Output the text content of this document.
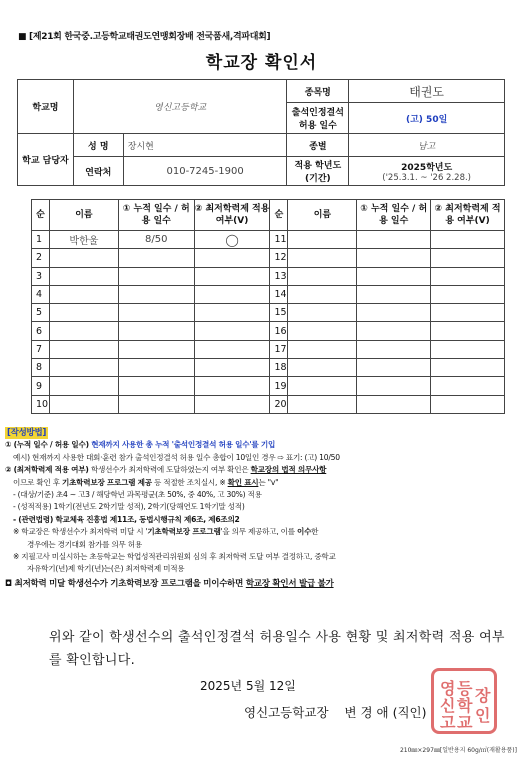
■ [제21회 한국중.고등학교태권도연맹회장배 전국품새,격파대회]
학교장 확인서
학교명	영신고등학교		종목명	태권도
			출석인정결석 허용 일수	(고) 50일
학교 담당자	성 명	장시현	종별	남고
	연락처	010-7245-1900	적용 학년도 (기간)	2025학년도
('25.3.1. ~ '26 2.28.)
순	이름	① 누적 일수 / 허용 일수	② 최저학력제 적용 여부(V)	순	이름	① 누적 일수 / 허용 일수	② 최저학력제 적용 여부(V)
1	박한울	8/50	◯	11			
2				12			
3				13			
4				14			
5				15			
6				16			
7				17			
8				18			
9				19			
10				20			
[작성방법]
① (누적 일수 / 허용 일수) 현재까지 사용한 총 누적 '출석인정결석 허용 일수'를 기입
예시) 현재까지 사용한 대회·훈련 참가 출석인정결석 허용 일수 총합이 10일인 경우 ⇨ 표기: (고) 10/50
② (최저학력제 적용 여부) 학생선수가 최저학력에 도달하였는지 여부 확인은 학교장의 법적 의무사항
이므로 확인 후 기초학력보장 프로그램 제공 등 적절한 조치실시, ※ 확인 표시는 "ⅴ"
- (대상/기준) 초4 ~ 고3 / 해당학년 과목평균(초 50%, 중 40%, 고 30%) 적용
- (성적적용) 1학기(전년도 2학기말 성적), 2학기(당해연도 1학기말 성적)
- (관련법령) 학교체육 진흥법 제11조, 동법시행규칙 제6조, 제6조의2
※ 학교장은 학생선수가 최저학력 미달 시 '기초학력보장 프로그램'을 의무 제공하고, 이를 이수한
경우에는 경기대회 참가를 의무 허용
※ 지필고사 미실시하는 초등학교는 학업성적관리위원회 심의 후 최저학력 도달 여부 결정하고, 중학교
자유학기(년)제 학기(년)는(은) 최저학력제 미적용
◘ 최저학력 미달 학생선수가 기초학력보장 프로그램을 미이수하면 학교장 확인서 발급 불가
위와 같이 학생선수의 출석인정결석 허용일수 사용 현황 및 최저학력 적용 여부를 확인합니다.
2025년 5월 12일	영
신
고
등
학
교
장
인
영신고등학교장 변 경 애 (직인)
210㎜×297㎜[일반용지 60g/㎡(재활용품)]
